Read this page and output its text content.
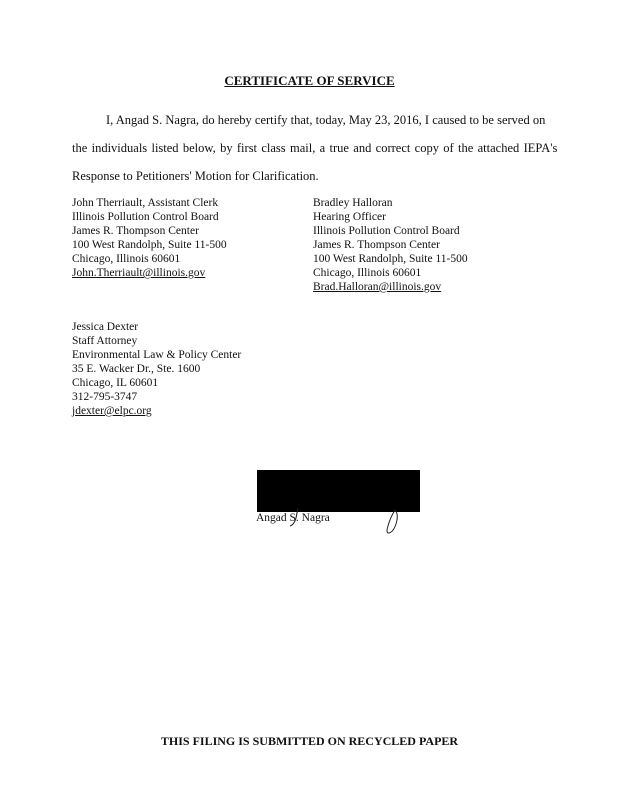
CERTIFICATE OF SERVICE
I, Angad S. Nagra, do hereby certify that, today, May 23, 2016, I caused to be served on
the individuals listed below, by first class mail, a true and correct copy of the attached IEPA's
Response to Petitioners' Motion for Clarification.
John Therriault, Assistant Clerk
Illinois Pollution Control Board
James R. Thompson Center
100 West Randolph, Suite 11-500
Chicago, Illinois 60601
John.Therriault@illinois.gov
Bradley Halloran
Hearing Officer
Illinois Pollution Control Board
James R. Thompson Center
100 West Randolph, Suite 11-500
Chicago, Illinois 60601
Brad.Halloran@illinois.gov
Jessica Dexter
Staff Attorney
Environmental Law & Policy Center
35 E. Wacker Dr., Ste. 1600
Chicago, IL 60601
312-795-3747
jdexter@elpc.org
Angad S. Nagra
THIS FILING IS SUBMITTED ON RECYCLED PAPER
